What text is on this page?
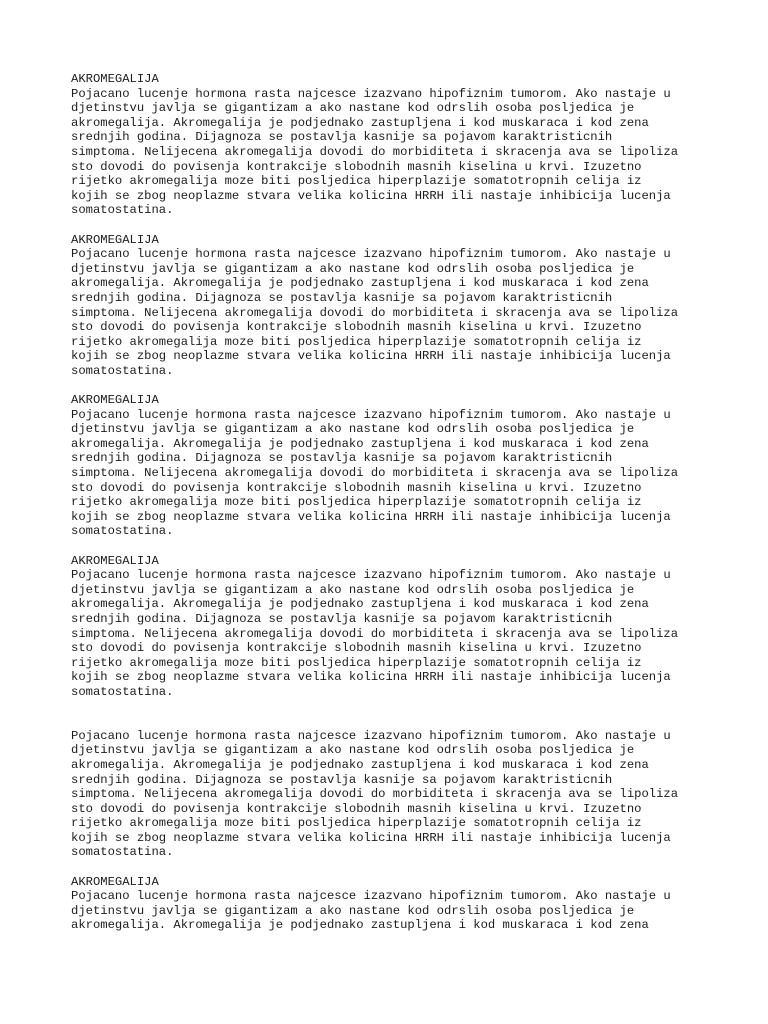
AKROMEGALIJA
Pojacano lucenje hormona rasta najcesce izazvano hipofiznim tumorom. Ako nastaje u
djetinstvu javlja se gigantizam a ako nastane kod odrslih osoba posljedica je
akromegalija. Akromegalija je podjednako zastupljena i kod muskaraca i kod zena
srednjih godina. Dijagnoza se postavlja kasnije sa pojavom karaktristicnih
simptoma. Nelijecena akromegalija dovodi do morbiditeta i skracenja ava se lipoliza
sto dovodi do povisenja kontrakcije slobodnih masnih kiselina u krvi. Izuzetno
rijetko akromegalija moze biti posljedica hiperplazije somatotropnih celija iz
kojih se zbog neoplazme stvara velika kolicina HRRH ili nastaje inhibicija lucenja
somatostatina.
AKROMEGALIJA
Pojacano lucenje hormona rasta najcesce izazvano hipofiznim tumorom. Ako nastaje u
djetinstvu javlja se gigantizam a ako nastane kod odrslih osoba posljedica je
akromegalija. Akromegalija je podjednako zastupljena i kod muskaraca i kod zena
srednjih godina. Dijagnoza se postavlja kasnije sa pojavom karaktristicnih
simptoma. Nelijecena akromegalija dovodi do morbiditeta i skracenja ava se lipoliza
sto dovodi do povisenja kontrakcije slobodnih masnih kiselina u krvi. Izuzetno
rijetko akromegalija moze biti posljedica hiperplazije somatotropnih celija iz
kojih se zbog neoplazme stvara velika kolicina HRRH ili nastaje inhibicija lucenja
somatostatina.
AKROMEGALIJA
Pojacano lucenje hormona rasta najcesce izazvano hipofiznim tumorom. Ako nastaje u
djetinstvu javlja se gigantizam a ako nastane kod odrslih osoba posljedica je
akromegalija. Akromegalija je podjednako zastupljena i kod muskaraca i kod zena
srednjih godina. Dijagnoza se postavlja kasnije sa pojavom karaktristicnih
simptoma. Nelijecena akromegalija dovodi do morbiditeta i skracenja ava se lipoliza
sto dovodi do povisenja kontrakcije slobodnih masnih kiselina u krvi. Izuzetno
rijetko akromegalija moze biti posljedica hiperplazije somatotropnih celija iz
kojih se zbog neoplazme stvara velika kolicina HRRH ili nastaje inhibicija lucenja
somatostatina.
AKROMEGALIJA
Pojacano lucenje hormona rasta najcesce izazvano hipofiznim tumorom. Ako nastaje u
djetinstvu javlja se gigantizam a ako nastane kod odrslih osoba posljedica je
akromegalija. Akromegalija je podjednako zastupljena i kod muskaraca i kod zena
srednjih godina. Dijagnoza se postavlja kasnije sa pojavom karaktristicnih
simptoma. Nelijecena akromegalija dovodi do morbiditeta i skracenja ava se lipoliza
sto dovodi do povisenja kontrakcije slobodnih masnih kiselina u krvi. Izuzetno
rijetko akromegalija moze biti posljedica hiperplazije somatotropnih celija iz
kojih se zbog neoplazme stvara velika kolicina HRRH ili nastaje inhibicija lucenja
somatostatina.
Pojacano lucenje hormona rasta najcesce izazvano hipofiznim tumorom. Ako nastaje u
djetinstvu javlja se gigantizam a ako nastane kod odrslih osoba posljedica je
akromegalija. Akromegalija je podjednako zastupljena i kod muskaraca i kod zena
srednjih godina. Dijagnoza se postavlja kasnije sa pojavom karaktristicnih
simptoma. Nelijecena akromegalija dovodi do morbiditeta i skracenja ava se lipoliza
sto dovodi do povisenja kontrakcije slobodnih masnih kiselina u krvi. Izuzetno
rijetko akromegalija moze biti posljedica hiperplazije somatotropnih celija iz
kojih se zbog neoplazme stvara velika kolicina HRRH ili nastaje inhibicija lucenja
somatostatina.
AKROMEGALIJA
Pojacano lucenje hormona rasta najcesce izazvano hipofiznim tumorom. Ako nastaje u
djetinstvu javlja se gigantizam a ako nastane kod odrslih osoba posljedica je
akromegalija. Akromegalija je podjednako zastupljena i kod muskaraca i kod zena
